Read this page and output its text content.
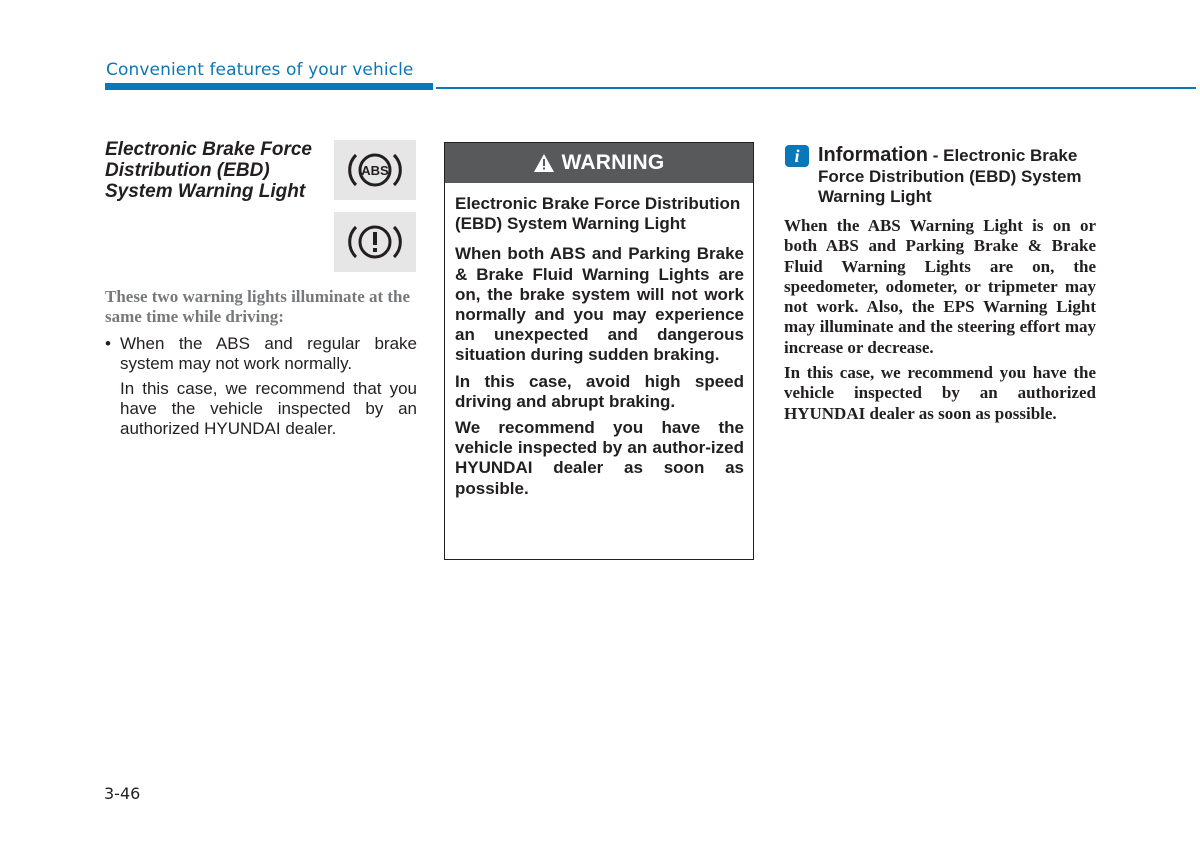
Convenient features of your vehicle
Electronic Brake Force Distribution (EBD) System Warning Light
ABS
These two warning lights illuminate at the same time while driving:
• When the ABS and regular brake system may not work normally.
In this case, we recommend that you have the vehicle inspected by an authorized HYUNDAI dealer.
WARNING

Electronic Brake Force Distribution (EBD) System Warning Light

When both ABS and Parking Brake & Brake Fluid Warning Lights are on, the brake system will not work normally and you may experience an unexpected and dangerous situation during sudden braking.

In this case, avoid high speed driving and abrupt braking.

We recommend you have the vehicle inspected by an author-ized HYUNDAI dealer as soon as possible.

i Information - Electronic Brake Force Distribution (EBD) System Warning Light

When the ABS Warning Light is on or both ABS and Parking Brake & Brake Fluid Warning Lights are on, the speedometer, odometer, or tripmeter may not work. Also, the EPS Warning Light may illuminate and the steering effort may increase or decrease.

In this case, we recommend you have the vehicle inspected by an authorized HYUNDAI dealer as soon as possible.

3-46
